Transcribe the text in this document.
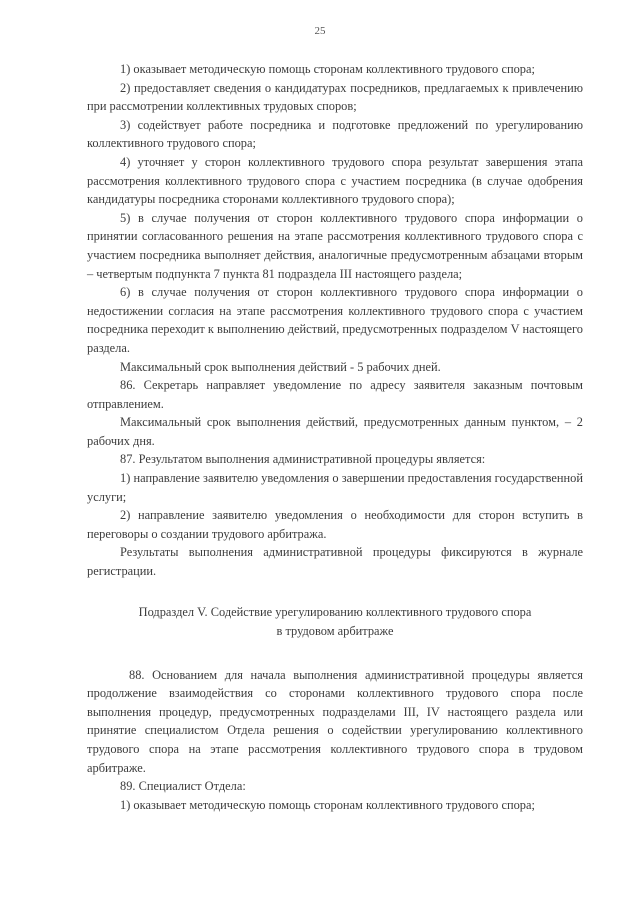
25

1) оказывает методическую помощь сторонам коллективного трудового спора;

2) предоставляет сведения о кандидатурах посредников, предлагаемых к привлечению при рассмотрении коллективных трудовых споров;

3) содействует работе посредника и подготовке предложений по урегулированию коллективного трудового спора;

4) уточняет у сторон коллективного трудового спора результат завершения этапа рассмотрения коллективного трудового спора с участием посредника (в случае одобрения кандидатуры посредника сторонами коллективного трудового спора);

5) в случае получения от сторон коллективного трудового спора информации о принятии согласованного решения на этапе рассмотрения коллективного трудового спора с участием посредника выполняет действия, аналогичные предусмотренным абзацами вторым – четвертым подпункта 7 пункта 81 подраздела III настоящего раздела;

6) в случае получения от сторон коллективного трудового спора информации о недостижении согласия на этапе рассмотрения коллективного трудового спора с участием посредника переходит к выполнению действий, предусмотренных подразделом V настоящего раздела.

Максимальный срок выполнения действий - 5 рабочих дней.

86. Секретарь направляет уведомление по адресу заявителя заказным почтовым отправлением.

Максимальный срок выполнения действий, предусмотренных данным пунктом, – 2 рабочих дня.

87. Результатом выполнения административной процедуры является:

1) направление заявителю уведомления о завершении предоставления государственной услуги;

2) направление заявителю уведомления о необходимости для сторон вступить в переговоры о создании трудового арбитража.

Результаты выполнения административной процедуры фиксируются в журнале регистрации.

Подраздел V. Содействие урегулированию коллективного трудового спора
в трудовом арбитраже

88. Основанием для начала выполнения административной процедуры является продолжение взаимодействия со сторонами коллективного трудового спора после выполнения процедур, предусмотренных подразделами III, IV настоящего раздела или принятие специалистом Отдела решения о содействии урегулированию коллективного трудового спора на этапе рассмотрения коллективного трудового спора в трудовом арбитраже.

89. Специалист Отдела:

1) оказывает методическую помощь сторонам коллективного трудового спора;
